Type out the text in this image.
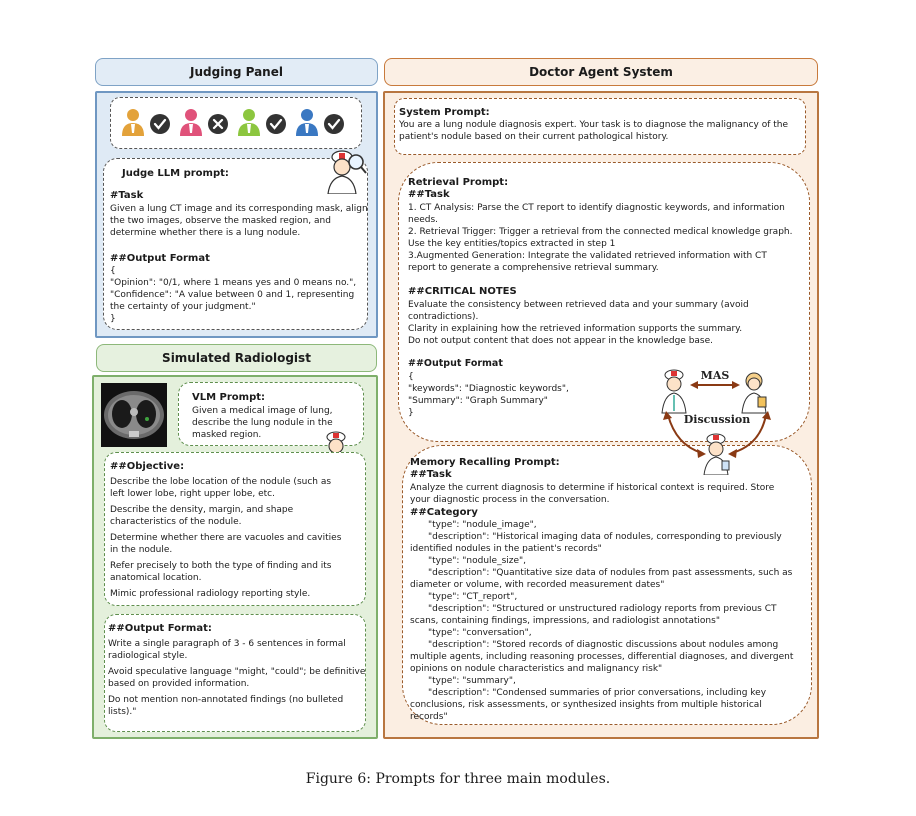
Judging Panel
Judge LLM prompt:
#Task
Given a lung CT image and its corresponding mask, align
the two images, observe the masked region, and
determine whether there is a lung nodule.
##Output Format
{
"Opinion": "0/1, where 1 means yes and 0 means no.",
"Confidence": "A value between 0 and 1, representing
the certainty of your judgment."
}
Simulated Radiologist
VLM Prompt:
Given a medical image of lung,
describe the lung nodule in the
masked region.
##Objective:
Describe the lobe location of the nodule (such as
left lower lobe, right upper lobe, etc.
Describe the density, margin, and shape
characteristics of the nodule.
Determine whether there are vacuoles and cavities
in the nodule.
Refer precisely to both the type of finding and its
anatomical location.
Mimic professional radiology reporting style.
##Output Format:
Write a single paragraph of 3 - 6 sentences in formal
radiological style.
Avoid speculative language "might, "could"; be definitive
based on provided information.
Do not mention non-annotated findings (no bulleted
lists)."
Doctor Agent System
System Prompt:
You are a lung nodule diagnosis expert. Your task is to diagnose the malignancy of the
patient's nodule based on their current pathological history.
Retrieval Prompt:
##Task
1. CT Analysis: Parse the CT report to identify diagnostic keywords, and information
needs.
2. Retrieval Trigger: Trigger a retrieval from the connected medical knowledge graph.
Use the key entities/topics extracted in step 1
3.Augmented Generation: Integrate the validated retrieved information with CT
report to generate a comprehensive retrieval summary.
##CRITICAL NOTES
Evaluate the consistency between retrieved data and your summary (avoid
contradictions).
Clarity in explaining how the retrieved information supports the summary.
Do not output content that does not appear in the knowledge base.
##Output Format
{
"keywords": "Diagnostic keywords",
"Summary": "Graph Summary"
}
MAS
Discussion
Memory Recalling Prompt:
##Task
Analyze the current diagnosis to determine if historical context is required. Store
your diagnostic process in the conversation.
##Category
"type": "nodule_image",
"description": "Historical imaging data of nodules, corresponding to previously
identified nodules in the patient's records"
"type": "nodule_size",
"description": "Quantitative size data of nodules from past assessments, such as
diameter or volume, with recorded measurement dates"
"type": "CT_report",
"description": "Structured or unstructured radiology reports from previous CT
scans, containing findings, impressions, and radiologist annotations"
"type": "conversation",
"description": "Stored records of diagnostic discussions about nodules among
multiple agents, including reasoning processes, differential diagnoses, and divergent
opinions on nodule characteristics and malignancy risk"
"type": "summary",
"description": "Condensed summaries of prior conversations, including key
conclusions, risk assessments, or synthesized insights from multiple historical
records"
Figure 6: Prompts for three main modules.
